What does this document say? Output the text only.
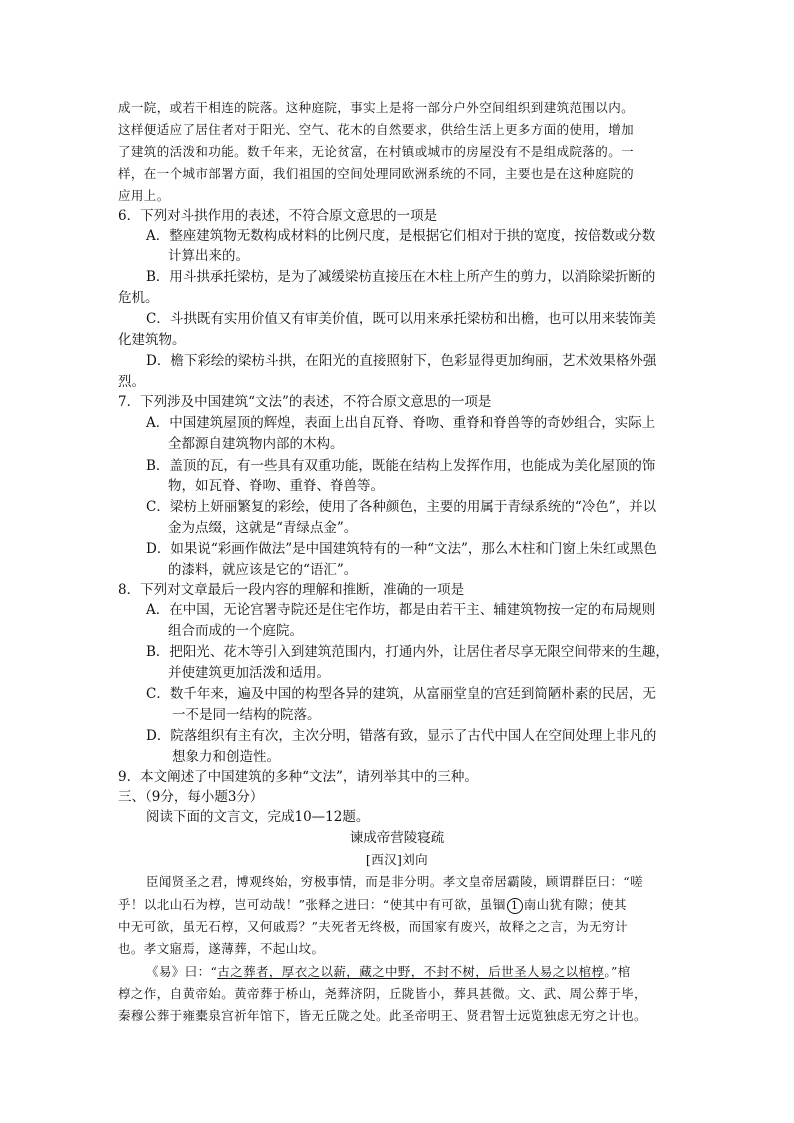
成一院，或若干相连的院落。这种庭院，事实上是将一部分户外空间组织到建筑范围以内。
这样便适应了居住者对于阳光、空气、花木的自然要求，供给生活上更多方面的使用，增加
了建筑的活泼和功能。数千年来，无论贫富，在村镇或城市的房屋没有不是组成院落的。一
样，在一个城市部署方面，我们祖国的空间处理同欧洲系统的不同，主要也是在这种庭院的
应用上。
6．下列对斗拱作用的表述，不符合原文意思的一项是
A．整座建筑物无数构成材料的比例尺度，是根据它们相对于拱的宽度，按倍数或分数
计算出来的。
B．用斗拱承托梁枋，是为了减缓梁枋直接压在木柱上所产生的剪力，以消除梁折断的
危机。
C．斗拱既有实用价值又有审美价值，既可以用来承托梁枋和出檐，也可以用来装饰美
化建筑物。
D．檐下彩绘的梁枋斗拱，在阳光的直接照射下，色彩显得更加绚丽，艺术效果格外强
烈。
7．下列涉及中国建筑“文法”的表述，不符合原文意思的一项是
A．中国建筑屋顶的辉煌，表面上出自瓦脊、脊吻、重脊和脊兽等的奇妙组合，实际上
全都源自建筑物内部的木构。
B．盖顶的瓦，有一些具有双重功能，既能在结构上发挥作用，也能成为美化屋顶的饰
物，如瓦脊、脊吻、重脊、脊兽等。
C．梁枋上妍丽繁复的彩绘，使用了各种颜色，主要的用属于青绿系统的“冷色”，并以
金为点缀，这就是“青绿点金”。
D．如果说“彩画作做法”是中国建筑特有的一种“文法”，那么木柱和门窗上朱红或黑色
的漆料，就应该是它的“语汇”。
8．下列对文章最后一段内容的理解和推断，准确的一项是
A．在中国，无论宫署寺院还是住宅作坊，都是由若干主、辅建筑物按一定的布局规则
组合而成的一个庭院。
B．把阳光、花木等引入到建筑范围内，打通内外，让居住者尽享无限空间带来的生趣，
并使建筑更加活泼和适用。
C．数千年来，遍及中国的构型各异的建筑，从富丽堂皇的宫廷到简陋朴素的民居，无
一不是同一结构的院落。
D．院落组织有主有次，主次分明，错落有致，显示了古代中国人在空间处理上非凡的
想象力和创造性。
9．本文阐述了中国建筑的多种“文法”，请列举其中的三种。
三、（9分，每小题3分）
阅读下面的文言文，完成10—12题。
谏成帝营陵寝疏
[西汉]刘向
臣闻贤圣之君，博观终始，穷极事情，而是非分明。孝文皇帝居霸陵，顾谓群臣曰：“嗟
乎！以北山石为椁，岂可动哉！”张释之进曰：“使其中有可欲，虽锢 1 南山犹有隙；使其
中无可欲，虽无石椁，又何戚焉？”夫死者无终极，而国家有废兴，故释之之言，为无穷计
也。孝文寤焉，遂薄葬，不起山坟。
《易》曰：“古之葬者，厚衣之以薪，藏之中野，不封不树，后世圣人易之以棺椁。”棺
椁之作，自黄帝始。黄帝葬于桥山，尧葬济阴，丘陇皆小，葬具甚微。文、武、周公葬于毕，
秦穆公葬于雍橐泉宫祈年馆下，皆无丘陇之处。此圣帝明王、贤君智士远览独虑无穷之计也。
